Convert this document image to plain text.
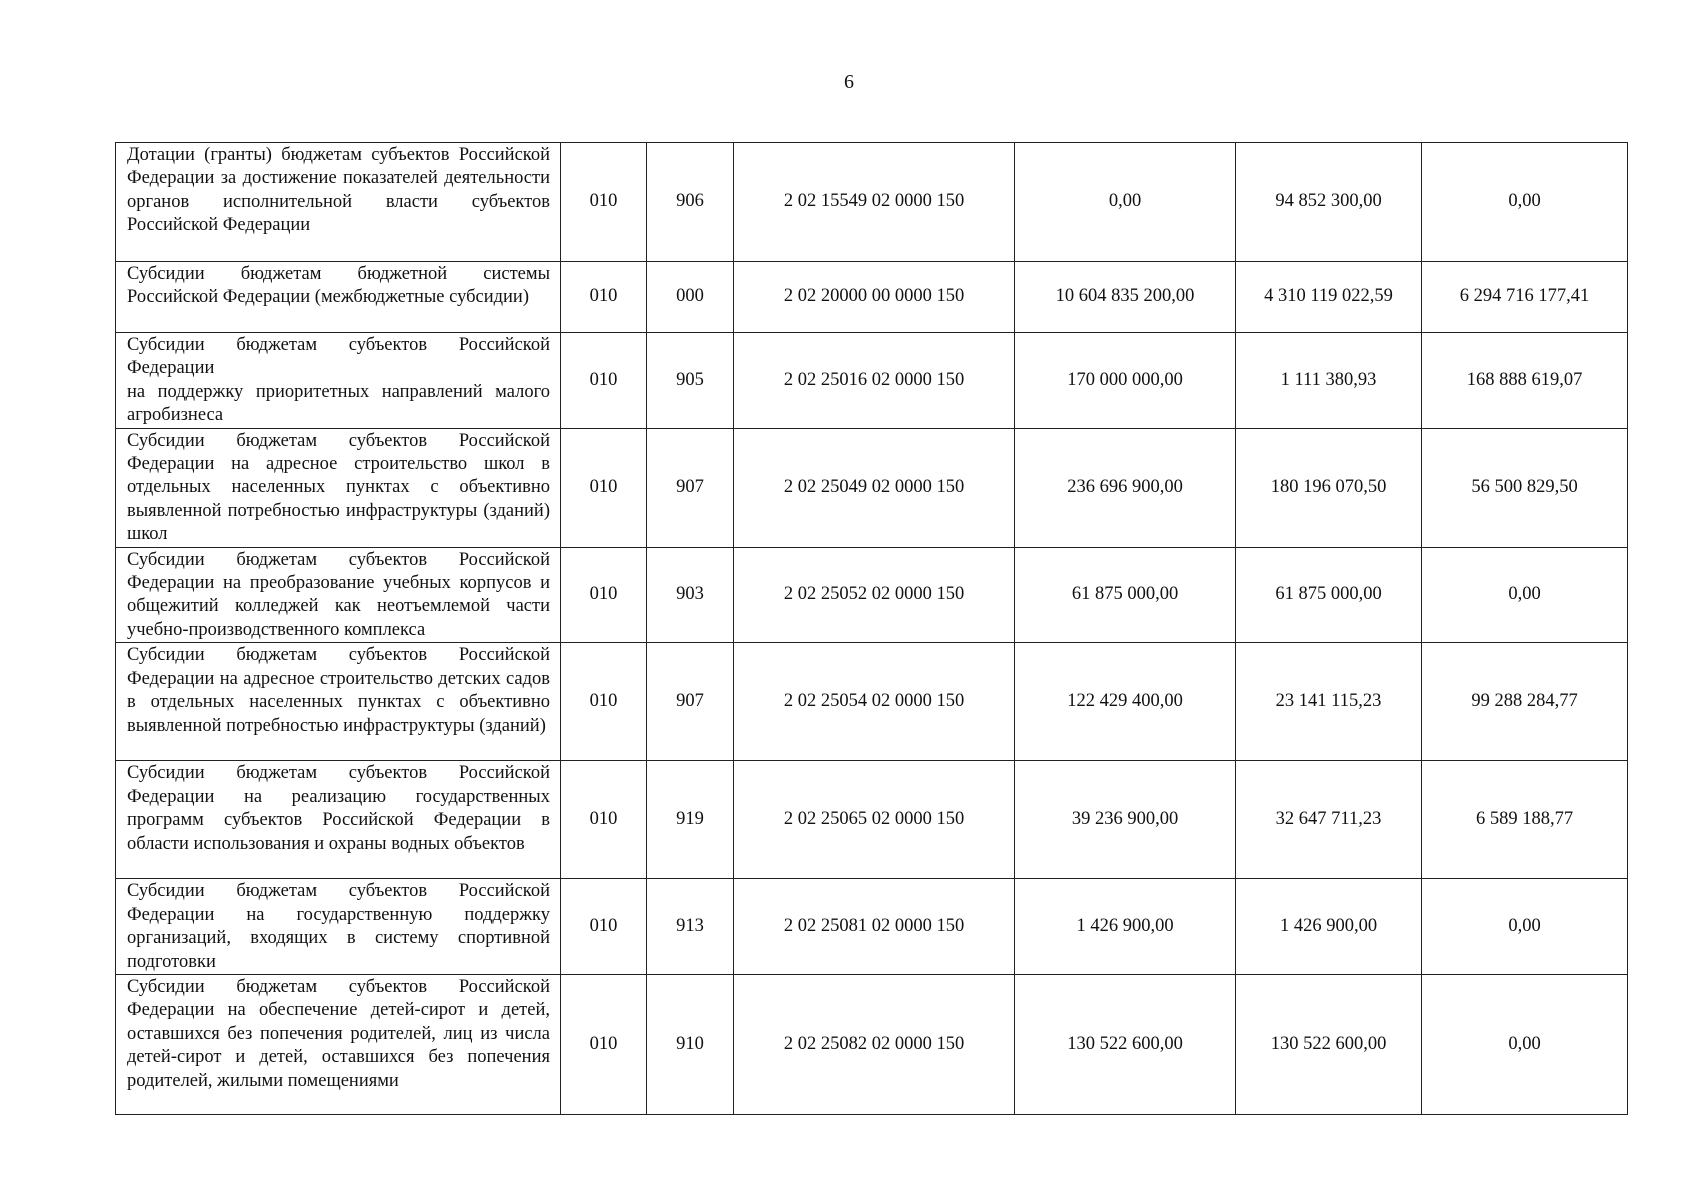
6
Дотации (гранты) бюджетам субъектов Российской Федерации за достижение показателей деятельности органов исполнительной власти субъектов Российской Федерации	010	906	2 02 15549 02 0000 150	0,00	94 852 300,00	0,00
Субсидии бюджетам бюджетной системы Российской Федерации (межбюджетные субсидии)	010	000	2 02 20000 00 0000 150	10 604 835 200,00	4 310 119 022,59	6 294 716 177,41
Субсидии бюджетам субъектов Российской Федерации
на поддержку приоритетных направлений малого агробизнеса	010	905	2 02 25016 02 0000 150	170 000 000,00	1 111 380,93	168 888 619,07
Субсидии бюджетам субъектов Российской Федерации на адресное строительство школ в отдельных населенных пунктах с объективно выявленной потребностью инфраструктуры (зданий) школ	010	907	2 02 25049 02 0000 150	236 696 900,00	180 196 070,50	56 500 829,50
Субсидии бюджетам субъектов Российской Федерации на преобразование учебных корпусов и общежитий колледжей как неотъемлемой части учебно-производственного комплекса	010	903	2 02 25052 02 0000 150	61 875 000,00	61 875 000,00	0,00
Субсидии бюджетам субъектов Российской Федерации на адресное строительство детских садов в отдельных населенных пунктах с объективно выявленной потребностью инфраструктуры (зданий)	010	907	2 02 25054 02 0000 150	122 429 400,00	23 141 115,23	99 288 284,77
Субсидии бюджетам субъектов Российской Федерации на реализацию государственных программ субъектов Российской Федерации в области использования и охраны водных объектов	010	919	2 02 25065 02 0000 150	39 236 900,00	32 647 711,23	6 589 188,77
Субсидии бюджетам субъектов Российской Федерации на государственную поддержку организаций, входящих в систему спортивной подготовки	010	913	2 02 25081 02 0000 150	1 426 900,00	1 426 900,00	0,00
Субсидии бюджетам субъектов Российской Федерации на обеспечение детей-сирот и детей, оставшихся без попечения родителей, лиц из числа детей-сирот и детей, оставшихся без попечения родителей, жилыми помещениями	010	910	2 02 25082 02 0000 150	130 522 600,00	130 522 600,00	0,00
